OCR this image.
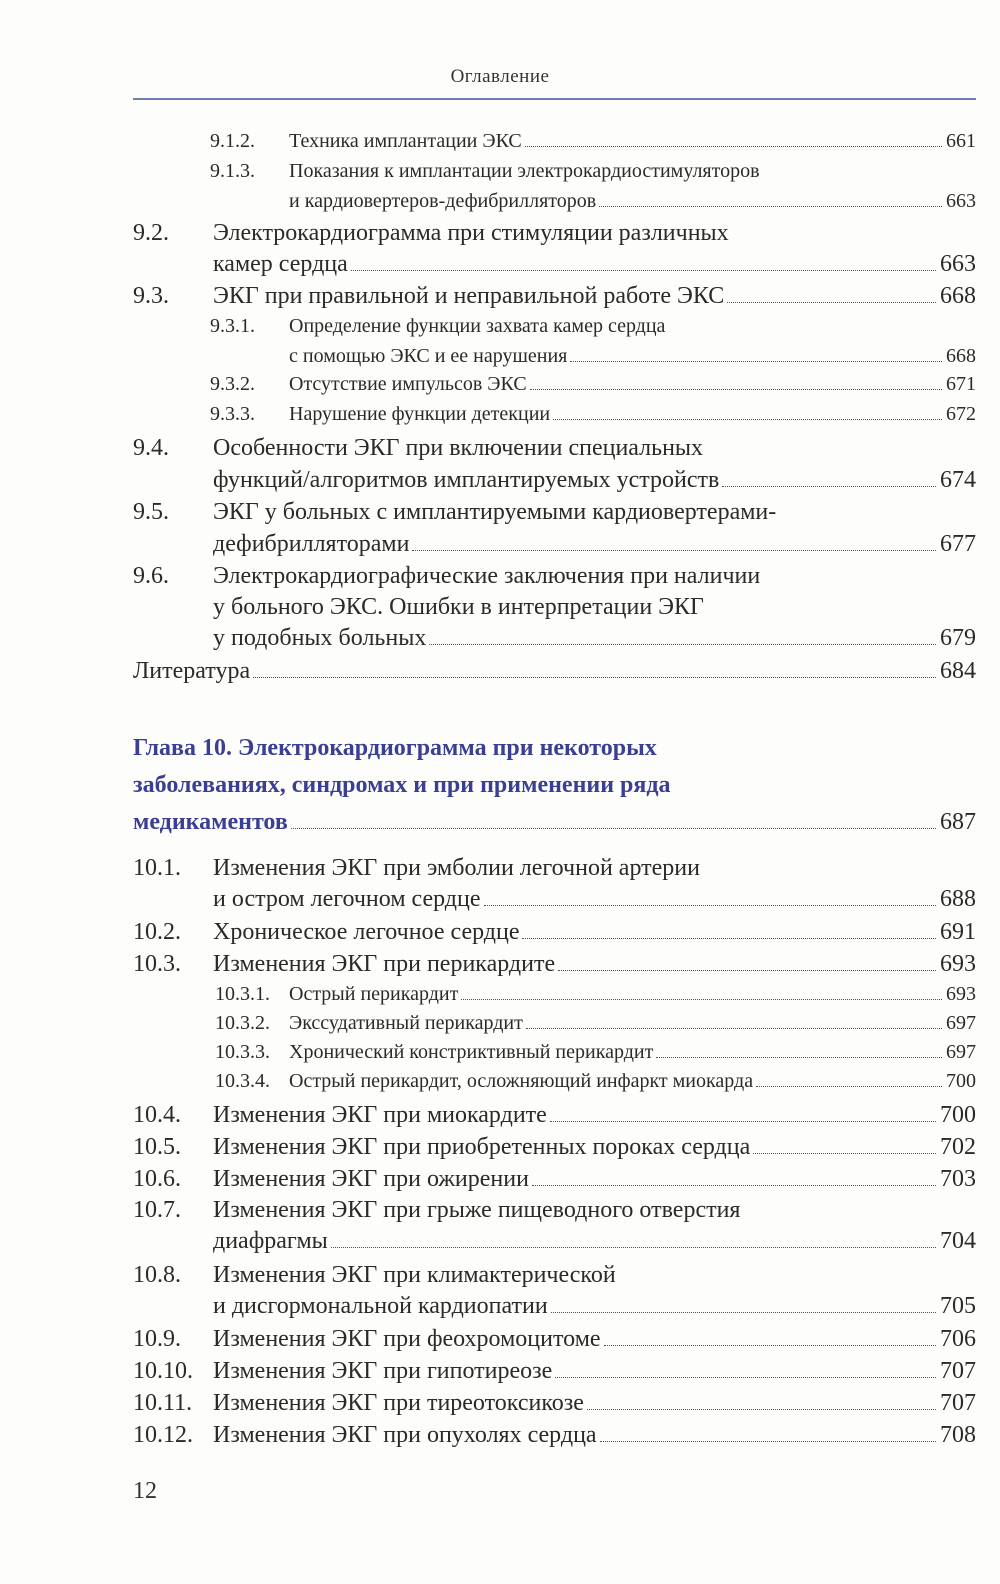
Оглавление
9.1.2. Техника имплантации ЭКС	661
9.1.3. Показания к имплантации электрокардиостимуляторов
и кардиовертеров-дефибрилляторов	663
9.2. Электрокардиограмма при стимуляции различных
камер сердца	663
9.3. ЭКГ при правильной и неправильной работе ЭКС	668
9.3.1. Определение функции захвата камер сердца
с помощью ЭКС и ее нарушения	668
9.3.2. Отсутствие импульсов ЭКС	671
9.3.3. Нарушение функции детекции	672
9.4. Особенности ЭКГ при включении специальных
функций/алгоритмов имплантируемых устройств	674
9.5. ЭКГ у больных с имплантируемыми кардиовертерами-
дефибрилляторами	677
9.6. Электрокардиографические заключения при наличии
у больного ЭКС. Ошибки в интерпретации ЭКГ
у подобных больных	679
Литература	684
10.1. Изменения ЭКГ при эмболии легочной артерии
и остром легочном сердце	688
10.2. Хроническое легочное сердце	691
10.3. Изменения ЭКГ при перикардите	693
10.3.1. Острый перикардит	693
10.3.2. Экссудативный перикардит	697
10.3.3. Хронический констриктивный перикардит	697
10.3.4. Острый перикардит, осложняющий инфаркт миокарда	700
10.4. Изменения ЭКГ при миокардите	700
10.5. Изменения ЭКГ при приобретенных пороках сердца	702
10.6. Изменения ЭКГ при ожирении	703
10.7. Изменения ЭКГ при грыже пищеводного отверстия
диафрагмы	704
10.8. Изменения ЭКГ при климактерической
и дисгормональной кардиопатии	705
10.9. Изменения ЭКГ при феохромоцитоме	706
10.10. Изменения ЭКГ при гипотиреозе	707
10.11. Изменения ЭКГ при тиреотоксикозе	707
10.12. Изменения ЭКГ при опухолях сердца	708
Глава 10. Электрокардиограмма при некоторых
заболеваниях, синдромах и при применении ряда
медикаментов	687
12
